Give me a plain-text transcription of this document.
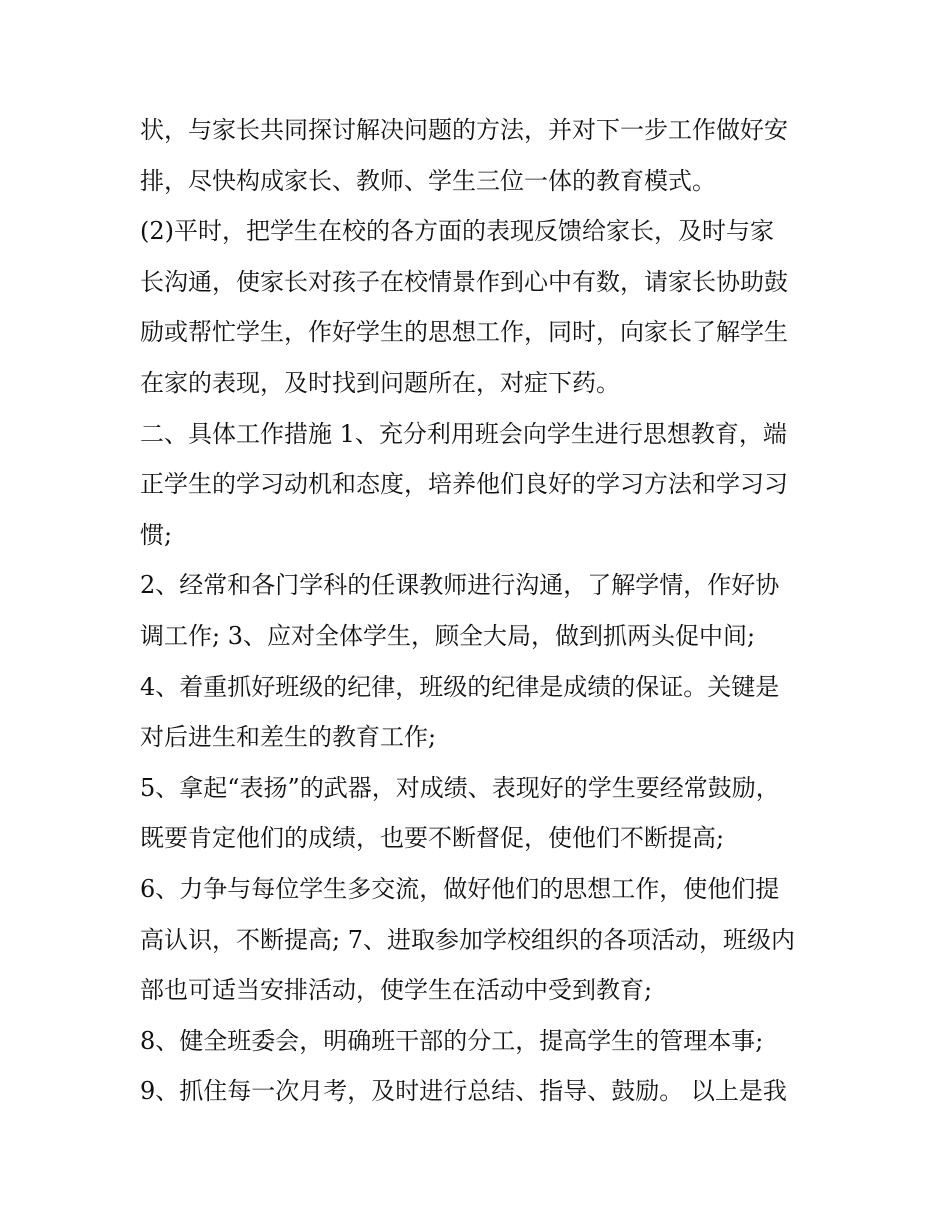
状，与家长共同探讨解决问题的方法，并对下一步工作做好安
排，尽快构成家长、教师、学生三位一体的教育模式。
(2)平时，把学生在校的各方面的表现反馈给家长，及时与家
长沟通，使家长对孩子在校情景作到心中有数，请家长协助鼓
励或帮忙学生，作好学生的思想工作，同时，向家长了解学生
在家的表现，及时找到问题所在，对症下药。
二、具体工作措施 1、充分利用班会向学生进行思想教育，端
正学生的学习动机和态度，培养他们良好的学习方法和学习习
惯;
2、经常和各门学科的任课教师进行沟通，了解学情，作好协
调工作; 3、应对全体学生，顾全大局，做到抓两头促中间;
4、着重抓好班级的纪律，班级的纪律是成绩的保证。关键是
对后进生和差生的教育工作;
5、拿起“表扬”的武器，对成绩、表现好的学生要经常鼓励，
既要肯定他们的成绩，也要不断督促，使他们不断提高;
6、力争与每位学生多交流，做好他们的思想工作，使他们提
高认识，不断提高; 7、进取参加学校组织的各项活动，班级内
部也可适当安排活动，使学生在活动中受到教育;
8、健全班委会，明确班干部的分工，提高学生的管理本事;
9、抓住每一次月考，及时进行总结、指导、鼓励。 以上是我
